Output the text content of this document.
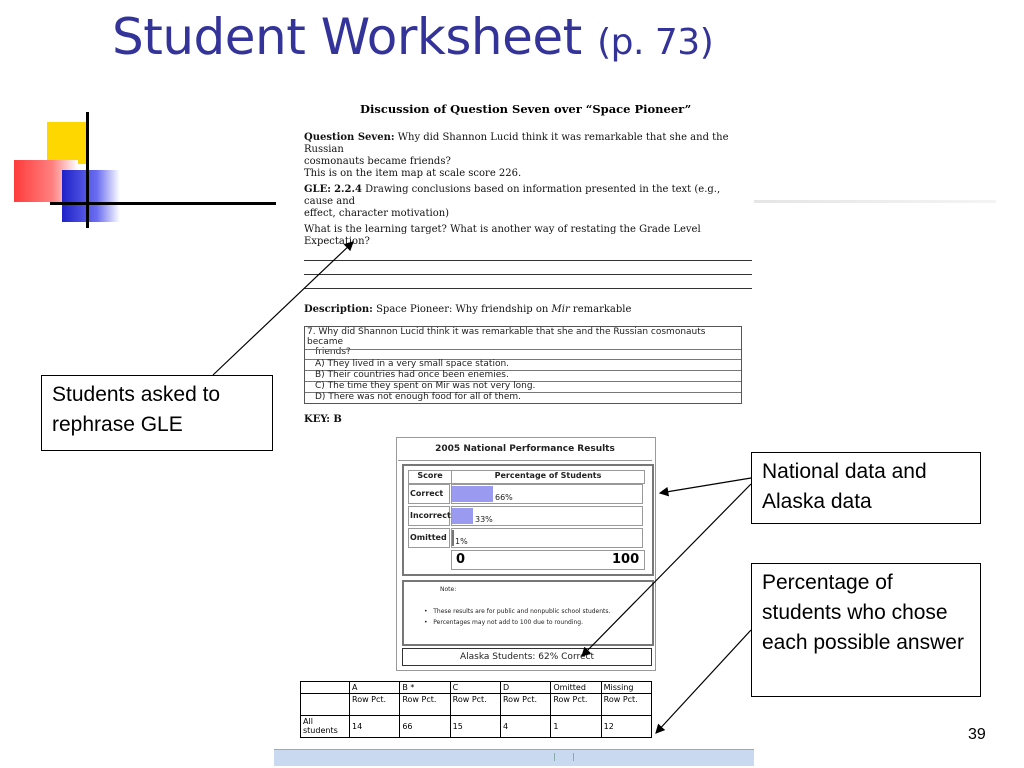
Student Worksheet (p. 73)
Discussion of Question Seven over “Space Pioneer”
Question Seven: Why did Shannon Lucid think it was remarkable that she and the Russian
cosmonauts became friends?
This is on the item map at scale score 226.
GLE: 2.2.4 Drawing conclusions based on information presented in the text (e.g., cause and
effect, character motivation)
What is the learning target? What is another way of restating the Grade Level Expectation?
Description: Space Pioneer: Why friendship on Mir remarkable
7. Why did Shannon Lucid think it was remarkable that she and the Russian cosmonauts became
friends?
A) They lived in a very small space station.
B) Their countries had once been enemies.
C) The time they spent on Mir was not very long.
D) There was not enough food for all of them.
KEY: B
2005 National Performance Results
Score	Percentage of Students
Correct	66%
Incorrect	33%
Omitted	1%
0	100
Note:
•   These results are for public and nonpublic school students.
•   Percentages may not add to 100 due to rounding.
Alaska Students: 62% Correct
	A	B *	C	D	Omitted	Missing
	Row Pct.	Row Pct.	Row Pct.	Row Pct.	Row Pct.	Row Pct.
All students	14	66	15	4	1	12
Students asked to rephrase GLE
National data and Alaska data
Percentage of students who chose each possible answer
39
